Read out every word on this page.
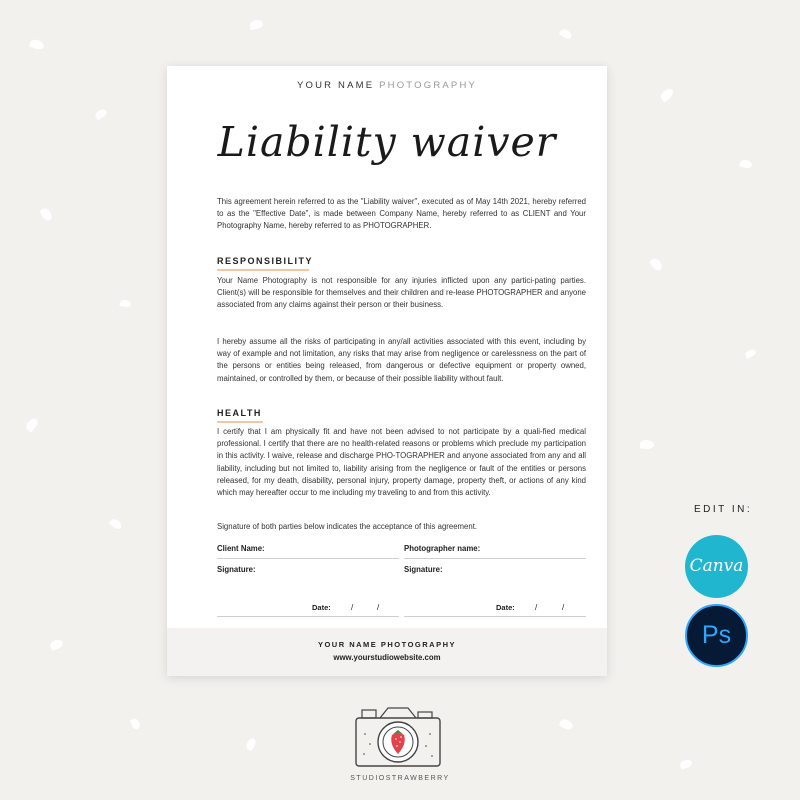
YOUR NAME PHOTOGRAPHY
Liability waiver

This agreement herein referred to as the "Liability waiver", executed as of May 14th 2021, hereby referred to as the "Effective Date", is made between Company Name, hereby referred to as CLIENT and Your Photography Name, hereby referred to as PHOTOGRAPHER.

RESPONSIBILITY

Your Name Photography is not responsible for any injuries inflicted upon any partici-pating parties. Client(s) will be responsible for themselves and their children and re-lease PHOTOGRAPHER and anyone associated from any claims against their person or their business.

I hereby assume all the risks of participating in any/all activities associated with this event, including by way of example and not limitation, any risks that may arise from negligence or carelessness on the part of the persons or entities being released, from dangerous or defective equipment or property owned, maintained, or controlled by them, or because of their possible liability without fault.

HEALTH

I certify that I am physically fit and have not been advised to not participate by a quali-fied medical professional. I certify that there are no health-related reasons or problems which preclude my participation in this activity. I waive, release and discharge PHO-TOGRAPHER and anyone associated from any and all liability, including but not limited to, liability arising from the negligence or fault of the entities or persons released, for my death, disability, personal injury, property damage, property theft, or actions of any kind which may hereafter occur to me including my traveling to and from this activity.

Signature of both parties below indicates the acceptance of this agreement.

Client Name:	Photographer name:
Signature:	Signature:
Date:	/	/	Date:	/	/
YOUR NAME PHOTOGRAPHY
www.yourstudiowebsite.com
EDIT IN:
Canva
Ps
STUDIOSTRAWBERRY
